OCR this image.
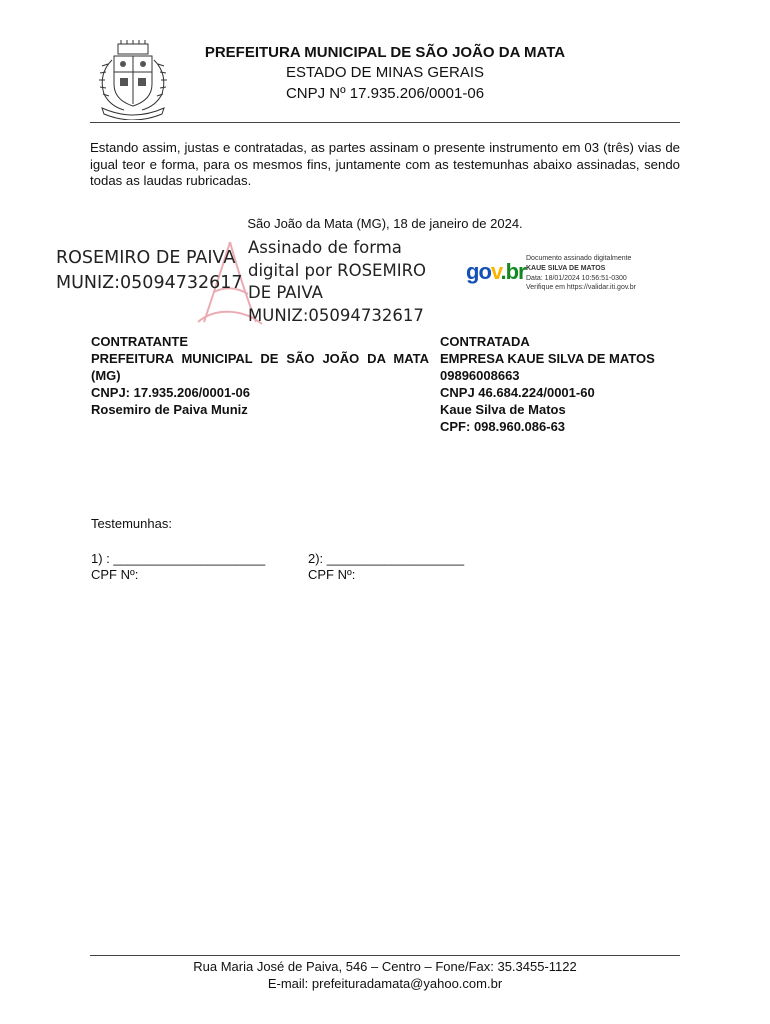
PREFEITURA MUNICIPAL DE SÃO JOÃO DA MATA
ESTADO DE MINAS GERAIS
CNPJ Nº 17.935.206/0001-06
Estando assim, justas e contratadas, as partes assinam o presente instrumento em 03 (três) vias de igual teor e forma, para os mesmos fins, juntamente com as testemunhas abaixo assinadas, sendo todas as laudas rubricadas.
São João da Mata (MG), 18 de janeiro de 2024.
ROSEMIRO DE PAIVA MUNIZ:05094732617
Assinado de forma digital por ROSEMIRO DE PAIVA MUNIZ:05094732617
gov.br
Documento assinado digitalmente
KAUE SILVA DE MATOS
Data: 18/01/2024 10:56:51-0300
Verifique em https://validar.iti.gov.br
CONTRATANTE
PREFEITURA MUNICIPAL DE SÃO JOÃO DA MATA
(MG)
CNPJ: 17.935.206/0001-06
Rosemiro de Paiva Muniz
CONTRATADA
EMPRESA KAUE SILVA DE MATOS
09896008663
CNPJ 46.684.224/0001-60
Kaue Silva de Matos
CPF: 098.960.086-63
Testemunhas:
1) : _____________________
CPF Nº:
2): ___________________
CPF Nº:
Rua Maria José de Paiva, 546 – Centro – Fone/Fax: 35.3455-1122
E-mail: prefeituradamata@yahoo.com.br
